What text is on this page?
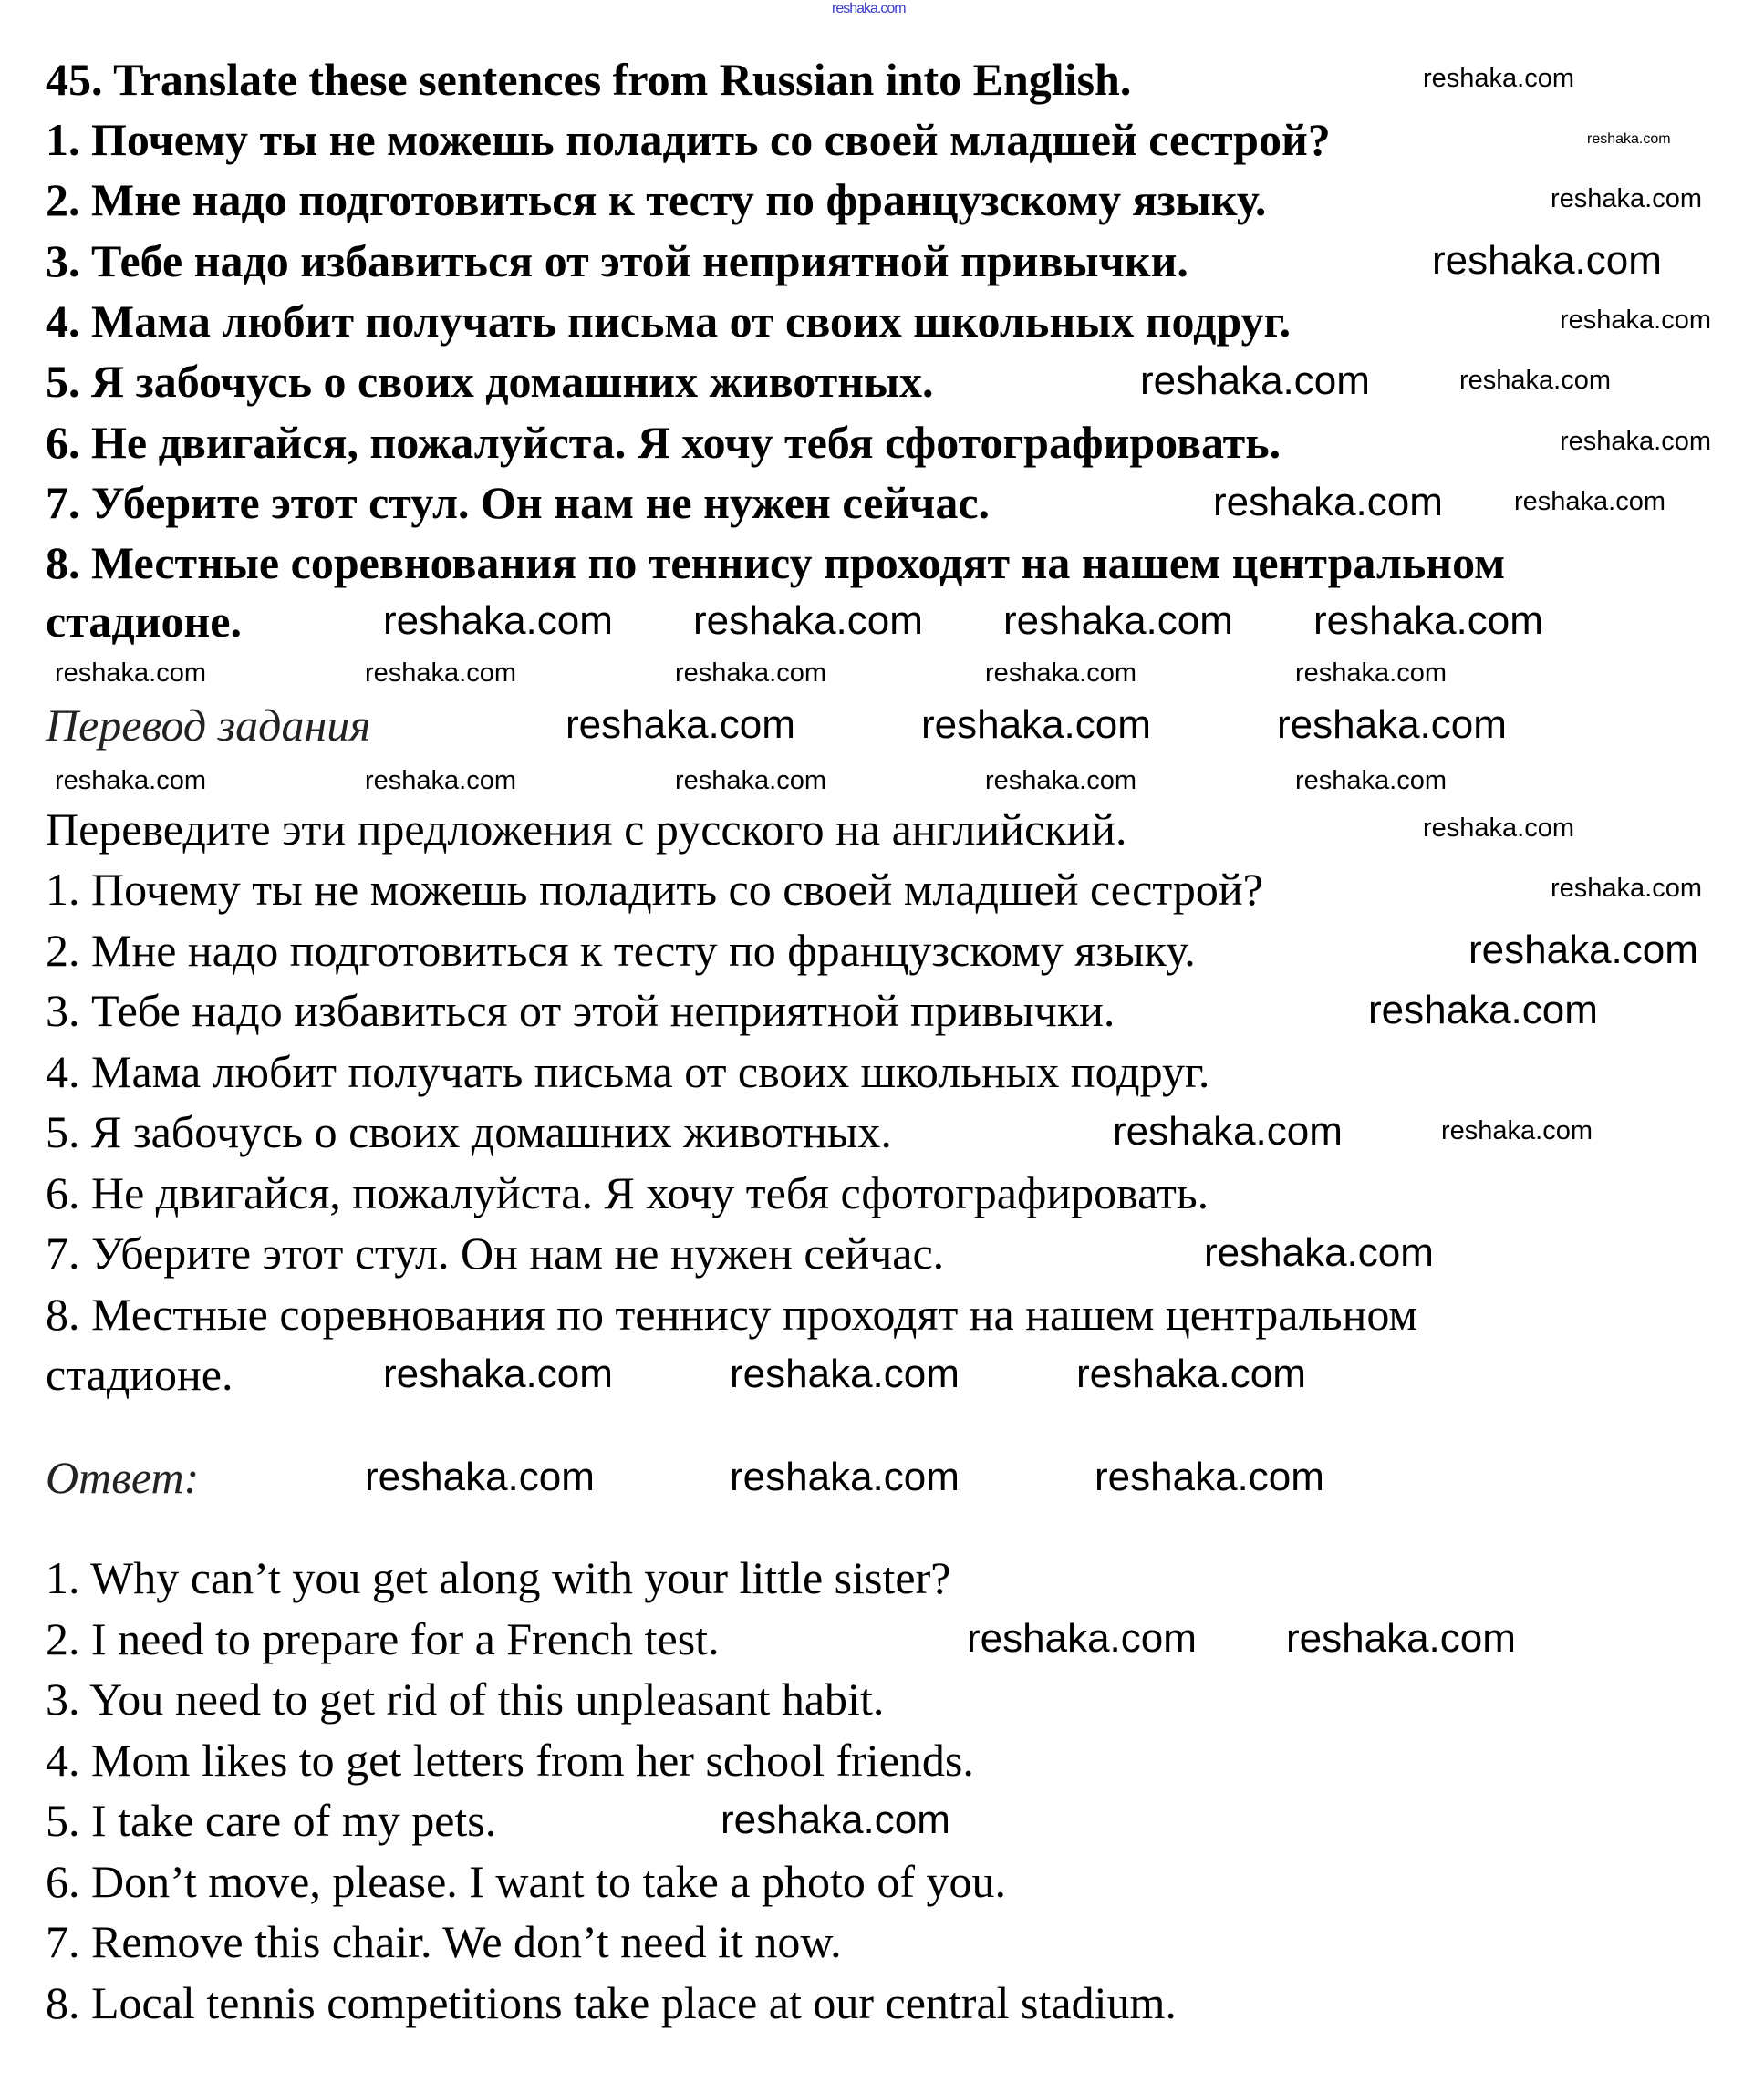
reshaka.com
45. Translate these sentences from Russian into English.
1. Почему ты не можешь поладить со своей младшей сестрой?
2. Мне надо подготовиться к тесту по французскому языку.
3. Тебе надо избавиться от этой неприятной привычки.
4. Мама любит получать письма от своих школьных подруг.
5. Я забочусь о своих домашних животных.
6. Не двигайся, пожалуйста. Я хочу тебя сфотографировать.
7. Уберите этот стул. Он нам не нужен сейчас.
8. Местные соревнования по теннису проходят на нашем центральном
стадионе.
Перевод задания
Переведите эти предложения с русского на английский.
1. Почему ты не можешь поладить со своей младшей сестрой?
2. Мне надо подготовиться к тесту по французскому языку.
3. Тебе надо избавиться от этой неприятной привычки.
4. Мама любит получать письма от своих школьных подруг.
5. Я забочусь о своих домашних животных.
6. Не двигайся, пожалуйста. Я хочу тебя сфотографировать.
7. Уберите этот стул. Он нам не нужен сейчас.
8. Местные соревнования по теннису проходят на нашем центральном
стадионе.
Ответ:
1. Why can’t you get along with your little sister?
2. I need to prepare for a French test.
3. You need to get rid of this unpleasant habit.
4. Mom likes to get letters from her school friends.
5. I take care of my pets.
6. Don’t move, please. I want to take a photo of you.
7. Remove this chair. We don’t need it now.
8. Local tennis competitions take place at our central stadium.
reshaka.com
reshaka.com
reshaka.com
reshaka.com
reshaka.com
reshaka.com	reshaka.com
reshaka.com
reshaka.com	reshaka.com
reshaka.com reshaka.com reshaka.com reshaka.com
reshaka.com	reshaka.com	reshaka.com	reshaka.com	reshaka.com
reshaka.com	reshaka.com	reshaka.com
reshaka.com	reshaka.com	reshaka.com	reshaka.com	reshaka.com
reshaka.com
reshaka.com
reshaka.com
reshaka.com
reshaka.com	reshaka.com
reshaka.com
reshaka.com	reshaka.com	reshaka.com
reshaka.com	reshaka.com	reshaka.com
reshaka.com reshaka.com
reshaka.com
